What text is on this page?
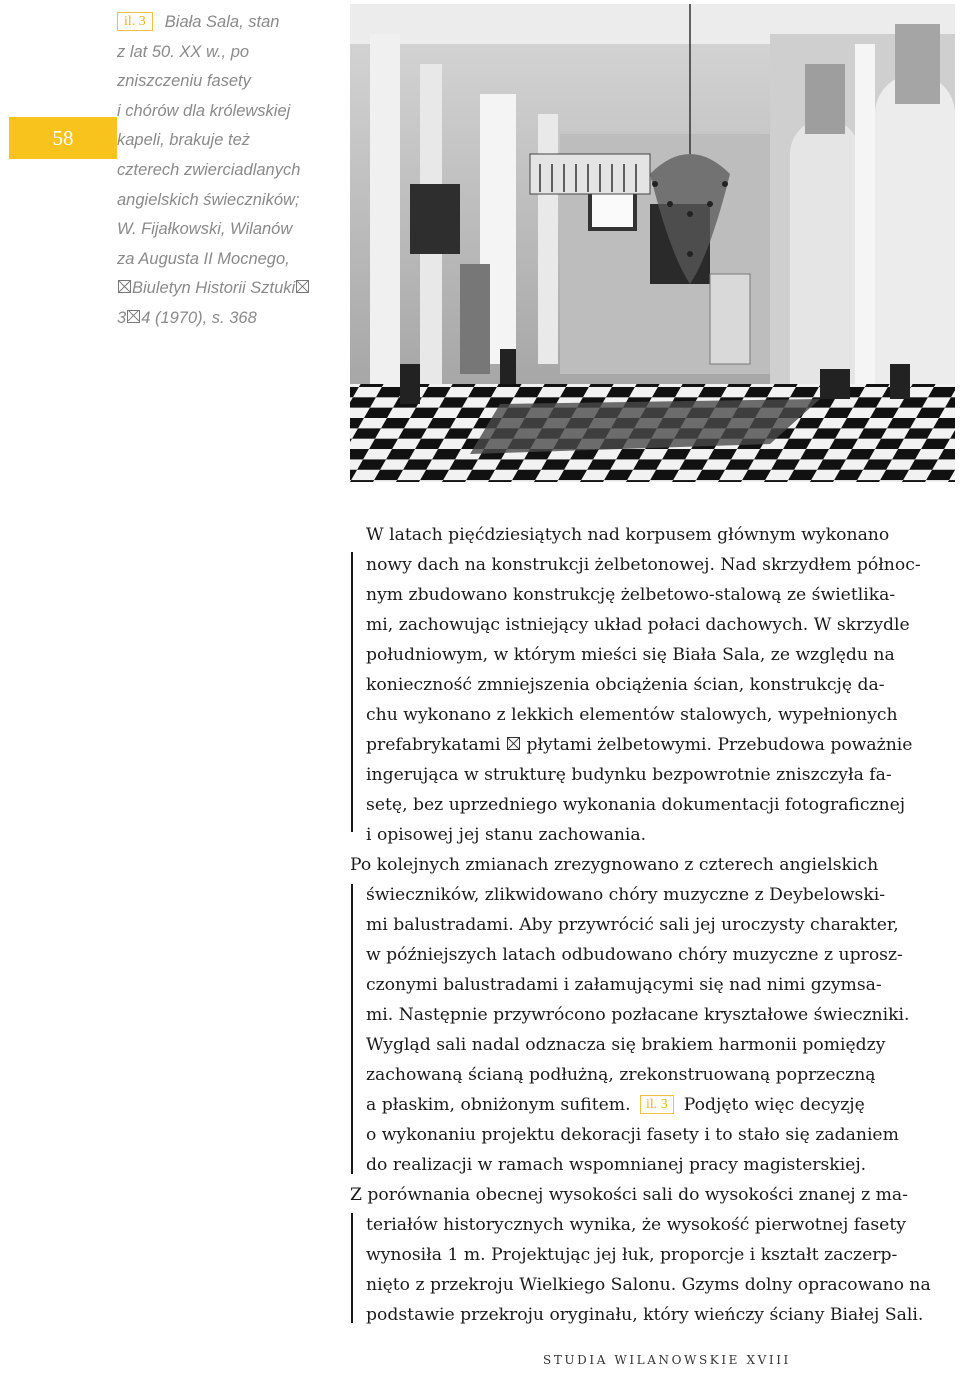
58
il. 3 Biała Sala, stan
z lat 50. XX w., po
zniszczeniu fasety
i chórów dla królewskiej
kapeli, brakuje też
czterech zwierciadlanych
angielskich świeczników;
W. Fijałkowski, Wilanów
za Augusta II Mocnego,
Biuletyn Historii Sztuki
3 4 (1970), s. 368

W latach pięćdziesiątych nad korpusem głównym wykonano

nowy dach na konstrukcji żelbetonowej. Nad skrzydłem północ-

nym zbudowano konstrukcję żelbetowo-stalową ze świetlika-

mi, zachowując istniejący układ połaci dachowych. W skrzydle

południowym, w którym mieści się Biała Sala, ze względu na

konieczność zmniejszenia obciążenia ścian, konstrukcję da-

chu wykonano z lekkich elementów stalowych, wypełnionych

prefabrykatami płytami żelbetowymi. Przebudowa poważnie

ingerująca w strukturę budynku bezpowrotnie zniszczyła fa-

setę, bez uprzedniego wykonania dokumentacji fotograficznej

i opisowej jej stanu zachowania.

Po kolejnych zmianach zrezygnowano z czterech angielskich

świeczników, zlikwidowano chóry muzyczne z Deybelowski-

mi balustradami. Aby przywrócić sali jej uroczysty charakter,

w późniejszych latach odbudowano chóry muzyczne z uprosz-

czonymi balustradami i załamującymi się nad nimi gzymsa-

mi. Następnie przywrócono pozłacane kryształowe świeczniki.

Wygląd sali nadal odznacza się brakiem harmonii pomiędzy

zachowaną ścianą podłużną, zrekonstruowaną poprzeczną

a płaskim, obniżonym sufitem. il. 3 Podjęto więc decyzję

o wykonaniu projektu dekoracji fasety i to stało się zadaniem

do realizacji w ramach wspomnianej pracy magisterskiej.

Z porównania obecnej wysokości sali do wysokości znanej z ma-

teriałów historycznych wynika, że wysokość pierwotnej fasety

wynosiła 1 m. Projektując jej łuk, proporcje i kształt zaczerp-

nięto z przekroju Wielkiego Salonu. Gzyms dolny opracowano na

podstawie przekroju oryginału, który wieńczy ściany Białej Sali.

STUDIA WILANOWSKIE XVIII
